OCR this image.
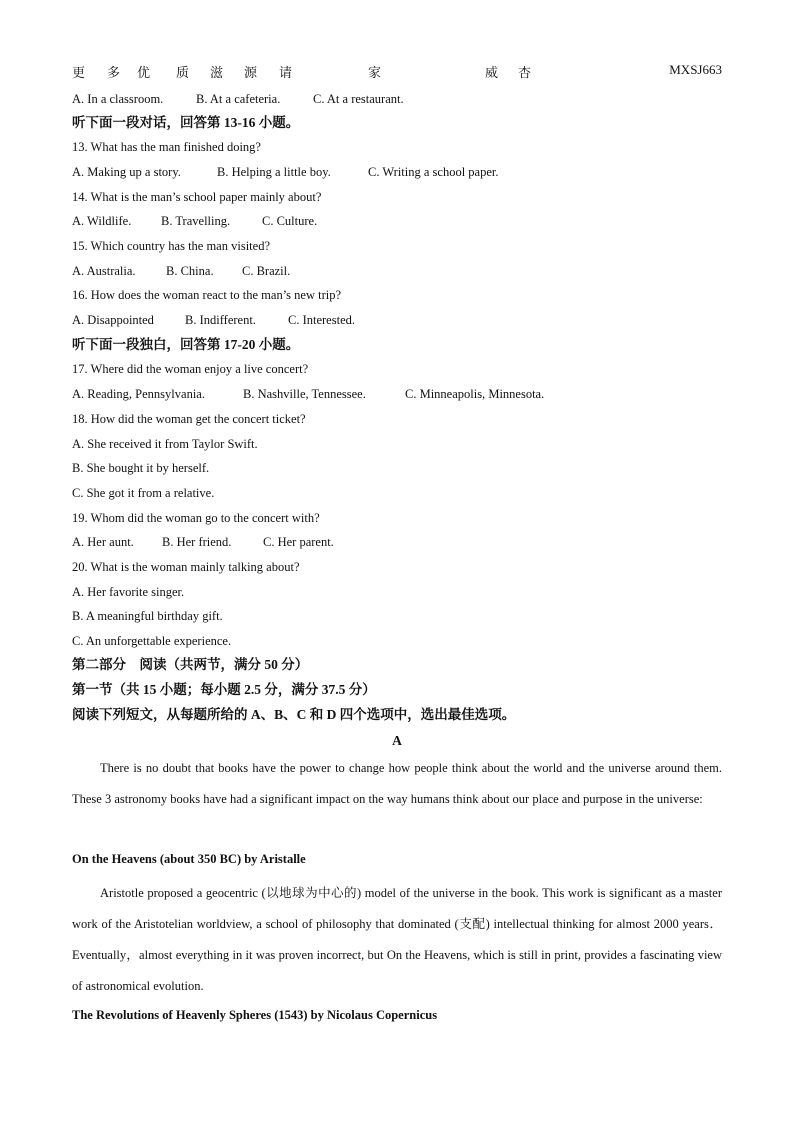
更 多 优 质 滋 源 请	家	威 杏	MXSJ663
A. In a classroom.	B. At a cafeteria.	C. At a restaurant.
听下面一段对话，回答第 13-16 小题。
13. What has the man finished doing?
A. Making up a story.	B. Helping a little boy.	C. Writing a school paper.
14. What is the man’s school paper mainly about?
A. Wildlife. B. Travelling.	C. Culture.
15. Which country has the man visited?
A. Australia. B. China. C. Brazil.
16. How does the woman react to the man’s new trip?
A. Disappointed B. Indifferent.	C. Interested.
听下面一段独白，回答第 17-20 小题。
17. Where did the woman enjoy a live concert?
A. Reading, Pennsylvania.	B. Nashville, Tennessee.	C. Minneapolis, Minnesota.
18. How did the woman get the concert ticket?
A. She received it from Taylor Swift.
B. She bought it by herself.
C. She got it from a relative.
19. Whom did the woman go to the concert with?
A. Her aunt. B. Her friend.	C. Her parent.
20. What is the woman mainly talking about?
A. Her favorite singer.
B. A meaningful birthday gift.
C. An unforgettable experience.
第二部分　阅读（共两节，满分 50 分）
第一节（共 15 小题；每小题 2.5 分，满分 37.5 分）
阅读下列短文，从每题所给的 A、B、C 和 D 四个选项中，选出最佳选项。
A
There is no doubt that books have the power to change how people think about the world and the universe around them. These 3 astronomy books have had a significant impact on the way humans think about our place and purpose in the universe:
On the Heavens (about 350 BC) by Aristalle
Aristotle proposed a geocentric (以地球为中心的) model of the universe in the book. This work is significant as a master work of the Aristotelian worldview, a school of philosophy that dominated (支配) intellectual thinking for almost 2000 years．Eventually，almost everything in it was proven incorrect, but On the Heavens, which is still in print, provides a fascinating view of astronomical evolution.
The Revolutions of Heavenly Spheres (1543) by Nicolaus Copernicus
